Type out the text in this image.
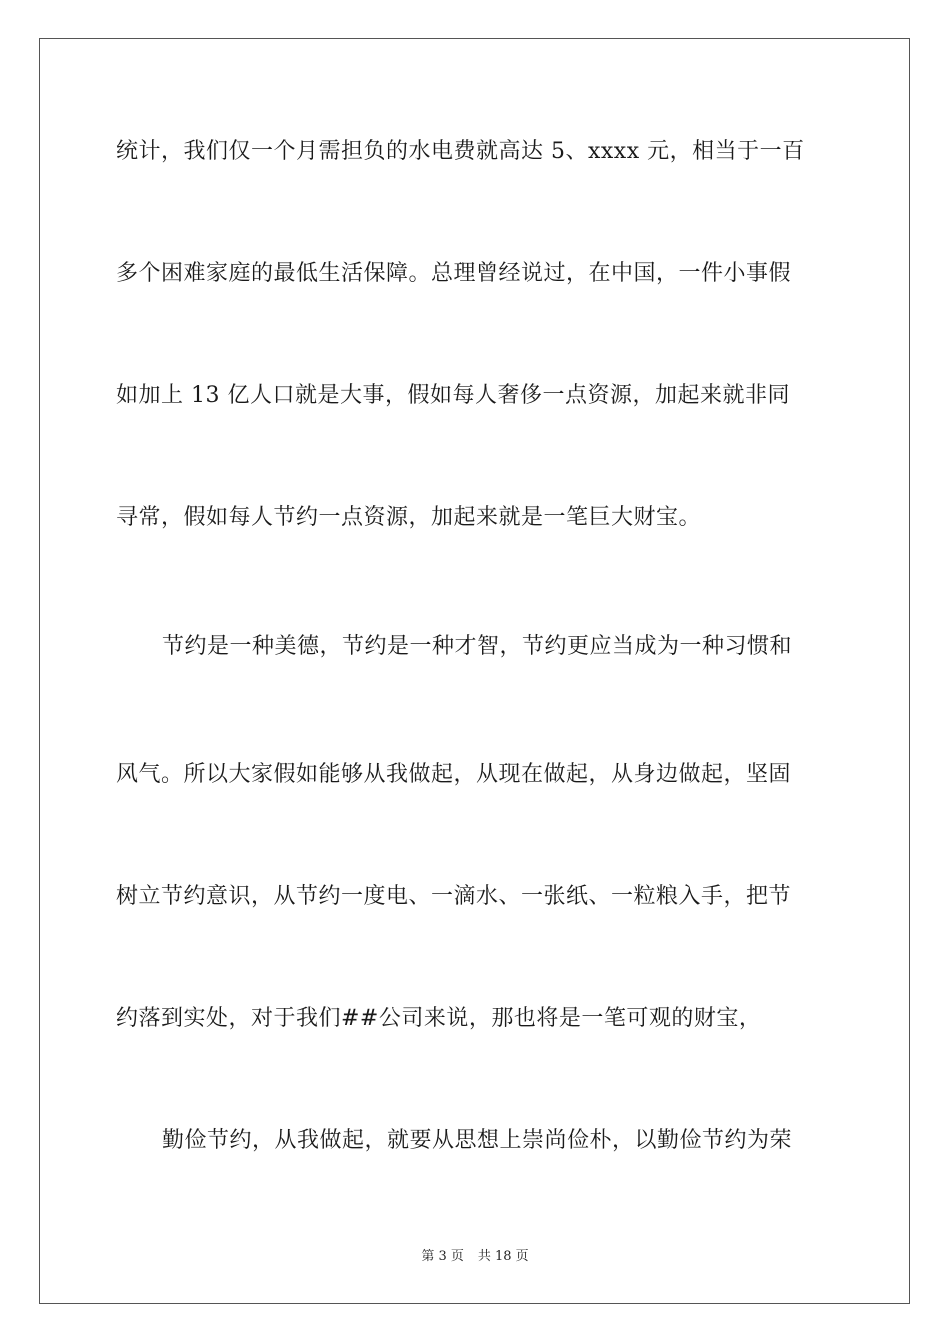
统计，我们仅一个月需担负的水电费就高达 5、xxxx 元，相当于一百
多个困难家庭的最低生活保障。总理曾经说过，在中国，一件小事假
如加上 13 亿人口就是大事，假如每人奢侈一点资源，加起来就非同
寻常，假如每人节约一点资源，加起来就是一笔巨大财宝。
节约是一种美德，节约是一种才智，节约更应当成为一种习惯和
风气。所以大家假如能够从我做起，从现在做起，从身边做起，坚固
树立节约意识，从节约一度电、一滴水、一张纸、一粒粮入手，把节
约落到实处，对于我们##公司来说，那也将是一笔可观的财宝，
勤俭节约，从我做起，就要从思想上崇尚俭朴，以勤俭节约为荣
第 3 页 共 18 页
